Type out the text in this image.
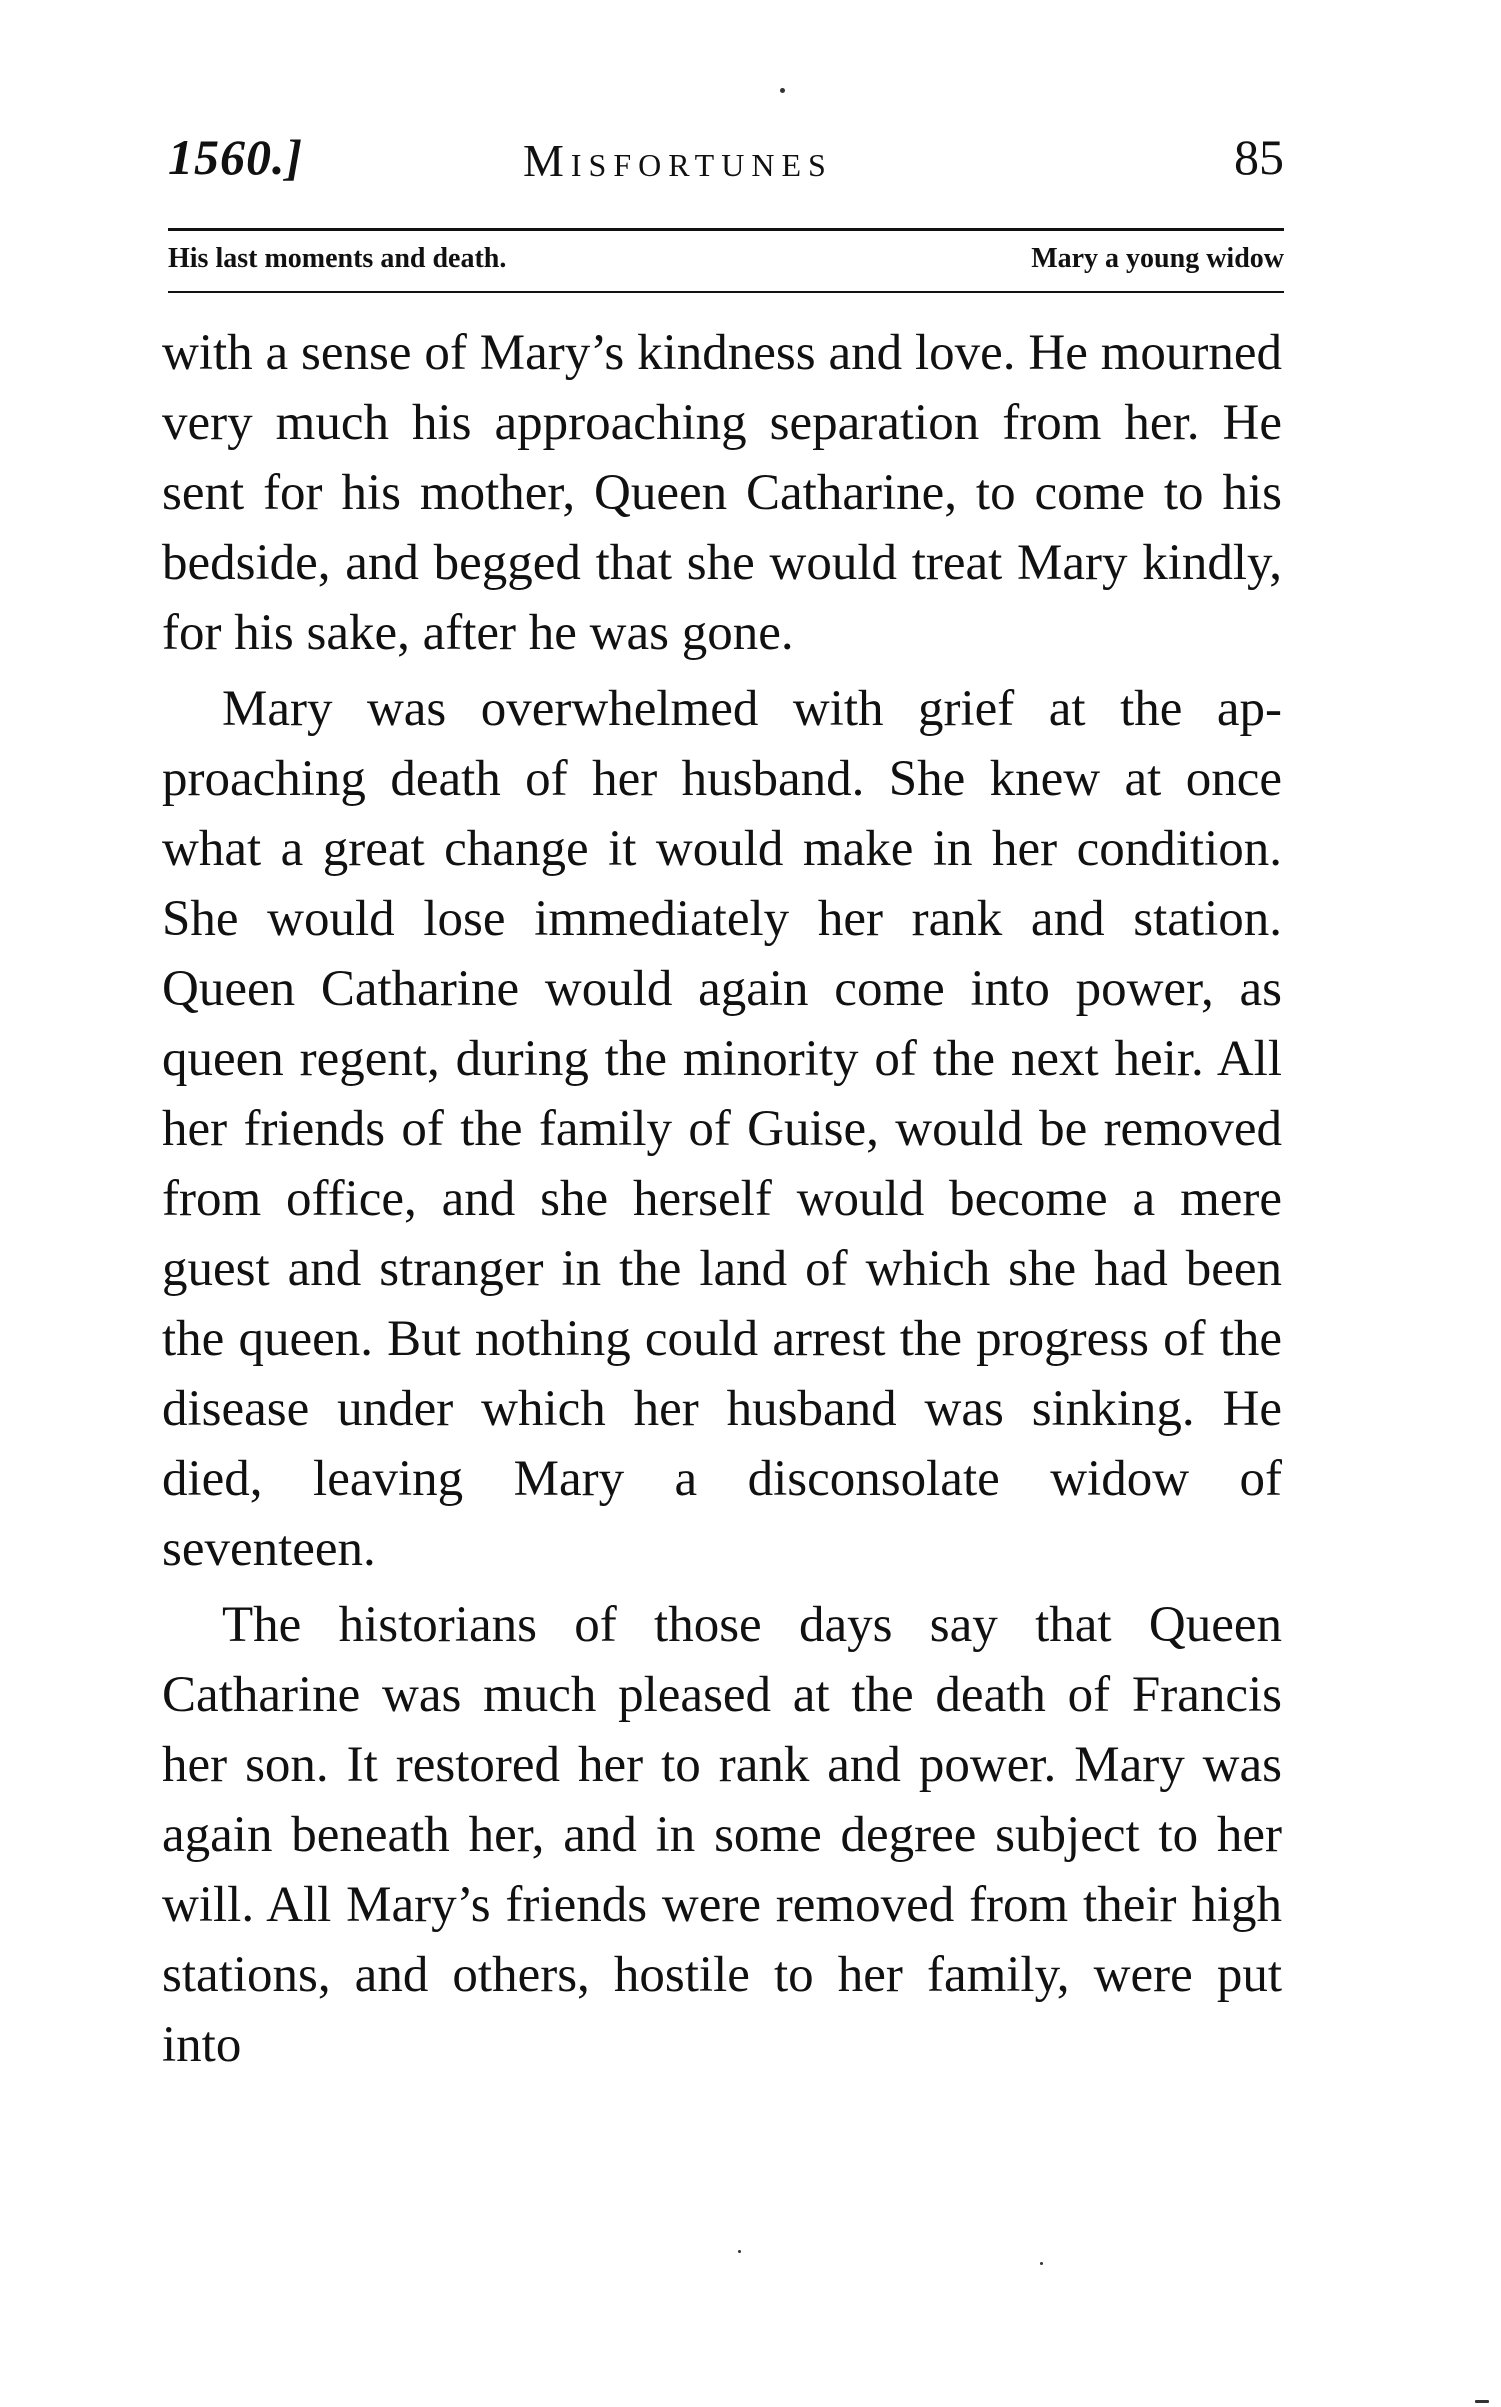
1560.]	Misfortunes	85
His last moments and death.	Mary a young widow

with a sense of Mary’s kindness and love. He mourned very much his approaching separation from her. He sent for his mother, Queen Catharine, to come to his bedside, and begged that she would treat Mary kindly, for his sake, after he was gone.

Mary was overwhelmed with grief at the approaching death of her husband. She knew at once what a great change it would make in her condition. She would lose immediately her rank and station. Queen Catharine would again come into power, as queen regent, during the minority of the next heir. All her friends of the family of Guise, would be removed from office, and she herself would become a mere guest and stranger in the land of which she had been the queen. But nothing could arrest the progress of the disease under which her husband was sinking. He died, leaving Mary a disconsolate widow of seventeen.

The historians of those days say that Queen Catharine was much pleased at the death of Francis her son. It restored her to rank and power. Mary was again beneath her, and in some degree subject to her will. All Mary’s friends were removed from their high stations, and others, hostile to her family, were put into
